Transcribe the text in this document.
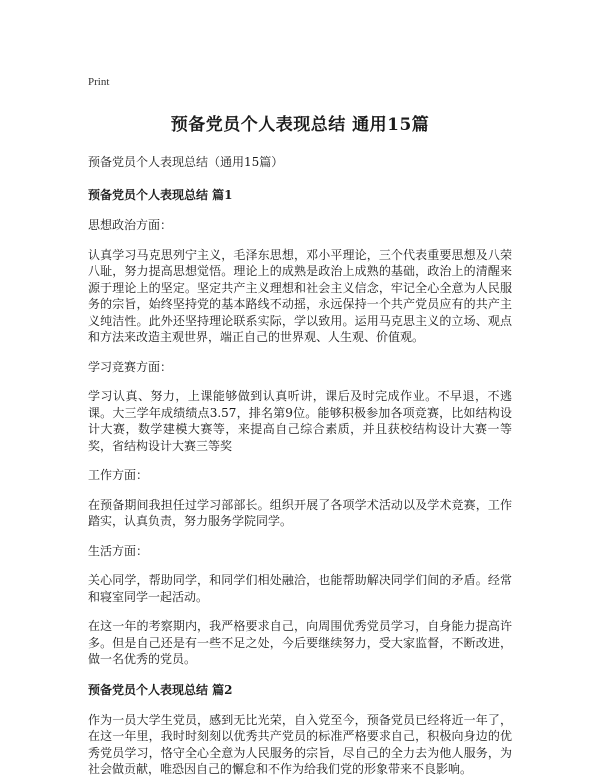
Print
预备党员个人表现总结 通用15篇
预备党员个人表现总结（通用15篇）
预备党员个人表现总结 篇1

思想政治方面：

认真学习马克思列宁主义，毛泽东思想，邓小平理论，三个代表重要思想及八荣八耻，努力提高思想觉悟。理论上的成熟是政治上成熟的基础，政治上的清醒来源于理论上的坚定。坚定共产主义理想和社会主义信念，牢记全心全意为人民服务的宗旨，始终坚持党的基本路线不动摇，永远保持一个共产党员应有的共产主义纯洁性。此外还坚持理论联系实际，学以致用。运用马克思主义的立场、观点和方法来改造主观世界，端正自己的世界观、人生观、价值观。

学习竞赛方面：

学习认真、努力，上课能够做到认真听讲，课后及时完成作业。不早退，不逃课。大三学年成绩绩点3.57，排名第9位。能够积极参加各项竞赛，比如结构设计大赛，数学建模大赛等，来提高自己综合素质，并且获校结构设计大赛一等奖，省结构设计大赛三等奖

工作方面：

在预备期间我担任过学习部部长。组织开展了各项学术活动以及学术竞赛，工作踏实，认真负责，努力服务学院同学。

生活方面：

关心同学，帮助同学，和同学们相处融洽，也能帮助解决同学们间的矛盾。经常和寝室同学一起活动。

在这一年的考察期内，我严格要求自己，向周围优秀党员学习，自身能力提高许多。但是自己还是有一些不足之处，今后要继续努力，受大家监督，不断改进，做一名优秀的党员。

预备党员个人表现总结 篇2

作为一员大学生党员，感到无比光荣，自入党至今，预备党员已经将近一年了，在这一年里，我时时刻刻以优秀共产党员的标准严格要求自己，积极向身边的优秀党员学习，恪守全心全意为人民服务的宗旨，尽自己的全力去为他人服务，为社会做贡献，唯恐因自己的懈怠和不作为给我们党的形象带来不良影响。
